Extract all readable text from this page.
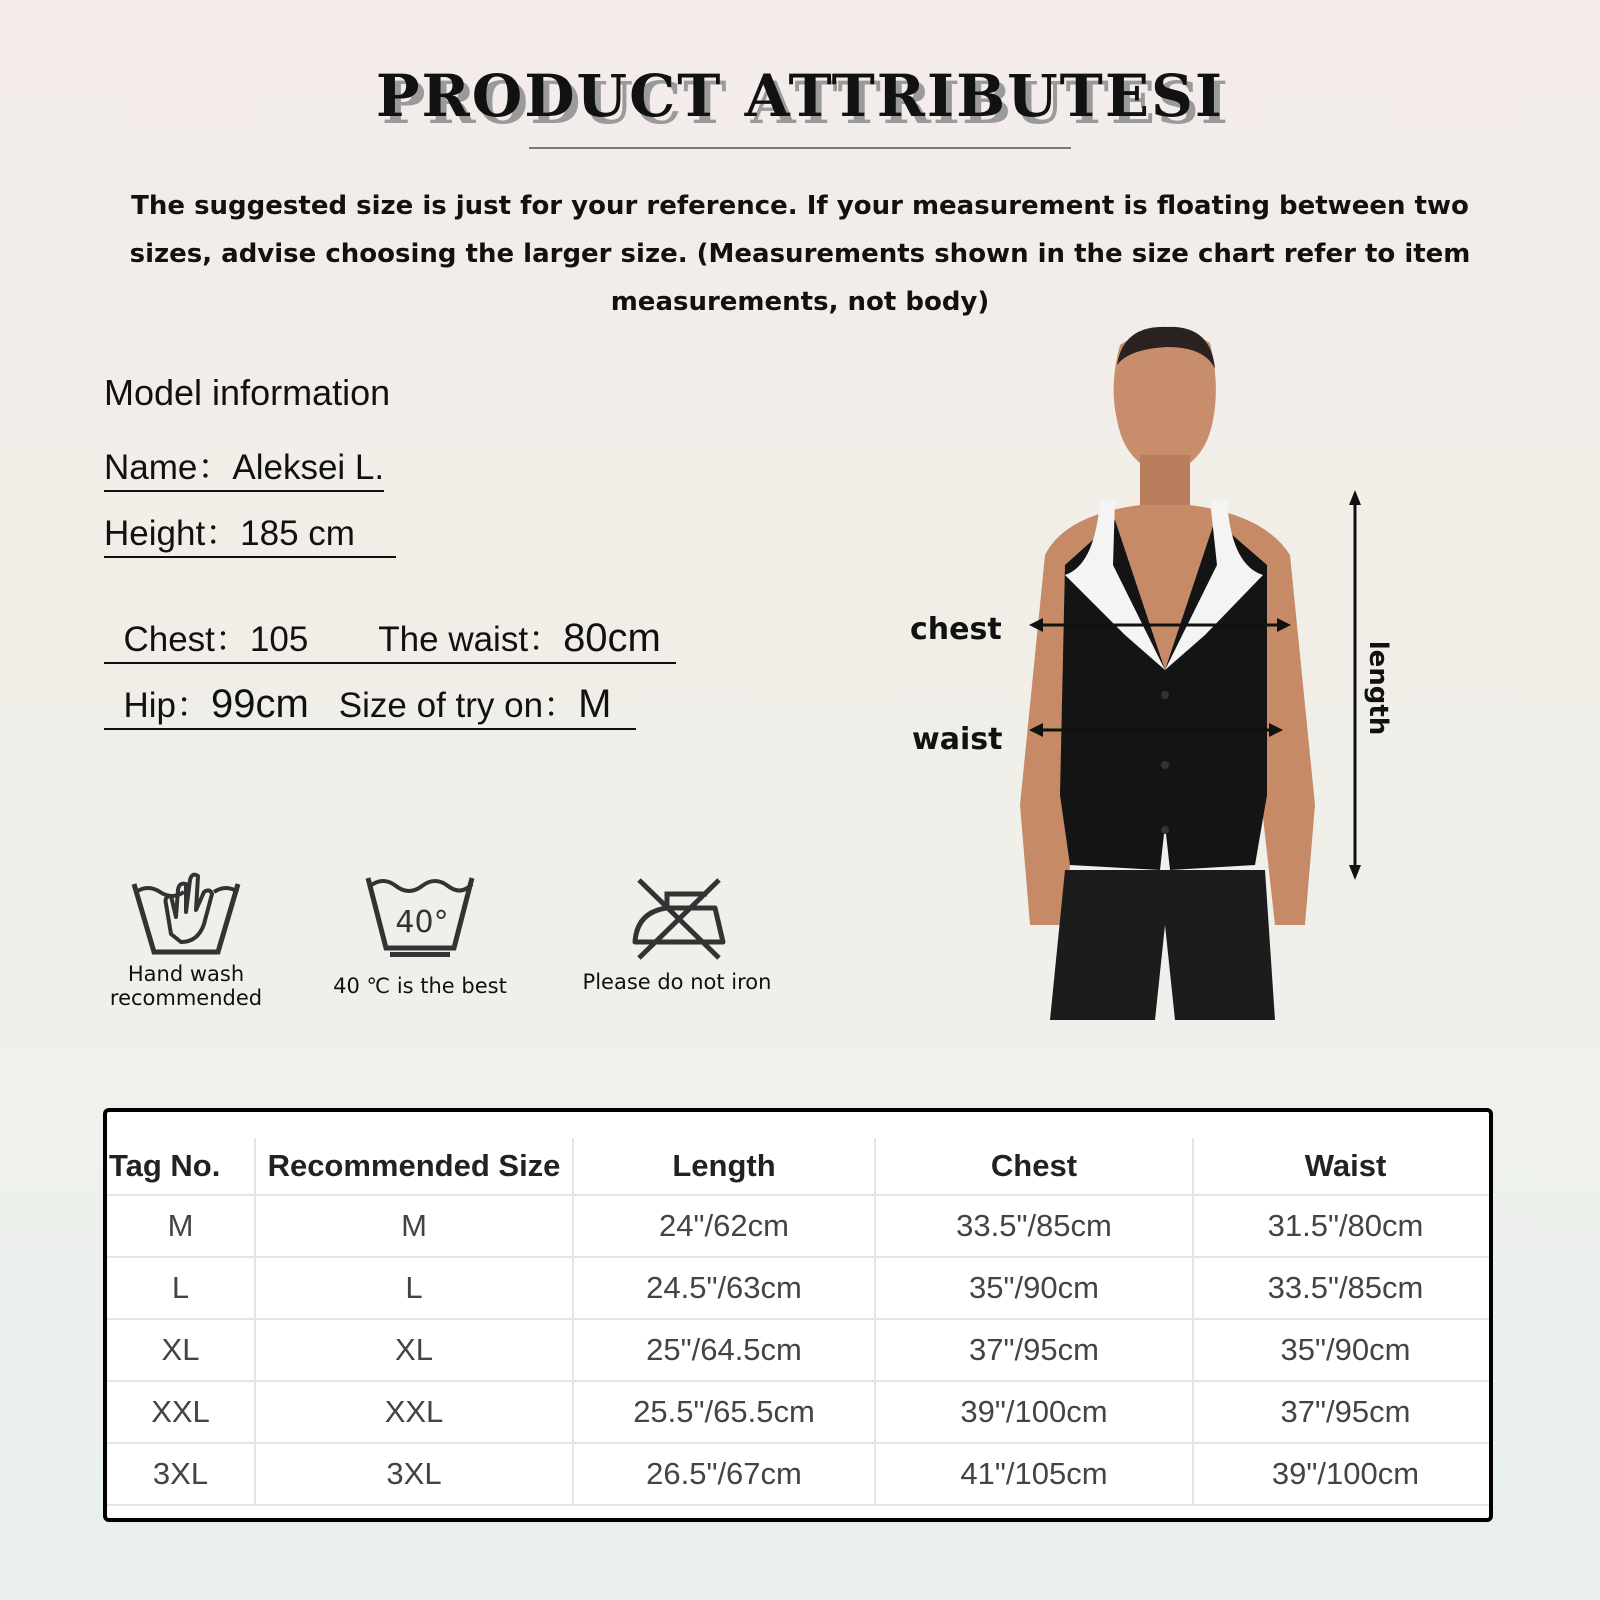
PRODUCT ATTRIBUTESI
The suggested size is just for your reference. If your measurement is floating between two sizes, advise choosing the larger size. (Measurements shown in the size chart refer to item measurements, not body)
Model information
Name：Aleksei L.
Height：185 cm

Chest：105 The waist：80cm

Hip：99cm Size of try on：M

Hand wash recommended
40°
40 ℃ is the best	Please do not iron
chest
waist
length
Tag No.	Recommended Size	Length	Chest	Waist
M	M	24"/62cm	33.5"/85cm	31.5"/80cm
L	L	24.5"/63cm	35"/90cm	33.5"/85cm
XL	XL	25"/64.5cm	37"/95cm	35"/90cm
XXL	XXL	25.5"/65.5cm	39"/100cm	37"/95cm
3XL	3XL	26.5"/67cm	41"/105cm	39"/100cm
